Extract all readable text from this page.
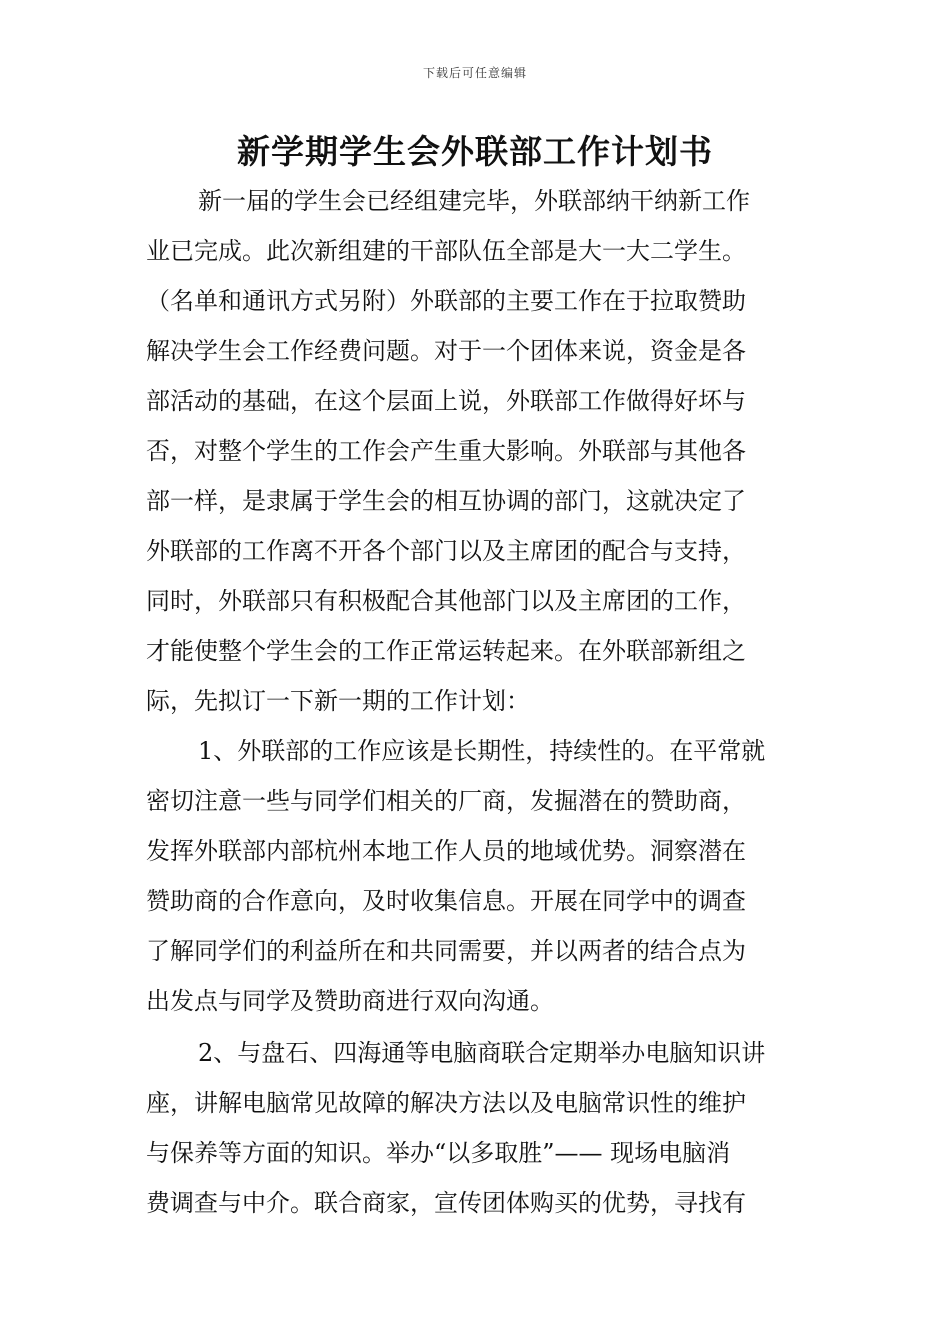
下载后可任意编辑
新学期学生会外联部工作计划书
新一届的学生会已经组建完毕，外联部纳干纳新工作
业已完成。此次新组建的干部队伍全部是大一大二学生。
（名单和通讯方式另附）外联部的主要工作在于拉取赞助
解决学生会工作经费问题。对于一个团体来说，资金是各
部活动的基础，在这个层面上说，外联部工作做得好坏与
否，对整个学生的工作会产生重大影响。外联部与其他各
部一样，是隶属于学生会的相互协调的部门，这就决定了
外联部的工作离不开各个部门以及主席团的配合与支持，
同时，外联部只有积极配合其他部门以及主席团的工作，
才能使整个学生会的工作正常运转起来。在外联部新组之
际，先拟订一下新一期的工作计划：
1、外联部的工作应该是长期性，持续性的。在平常就
密切注意一些与同学们相关的厂商，发掘潜在的赞助商，
发挥外联部内部杭州本地工作人员的地域优势。洞察潜在
赞助商的合作意向，及时收集信息。开展在同学中的调查
了解同学们的利益所在和共同需要，并以两者的结合点为
出发点与同学及赞助商进行双向沟通。
2、与盘石、四海通等电脑商联合定期举办电脑知识讲
座，讲解电脑常见故障的解决方法以及电脑常识性的维护
与保养等方面的知识。举办“以多取胜”—— 现场电脑消
费调查与中介。联合商家，宣传团体购买的优势，寻找有
